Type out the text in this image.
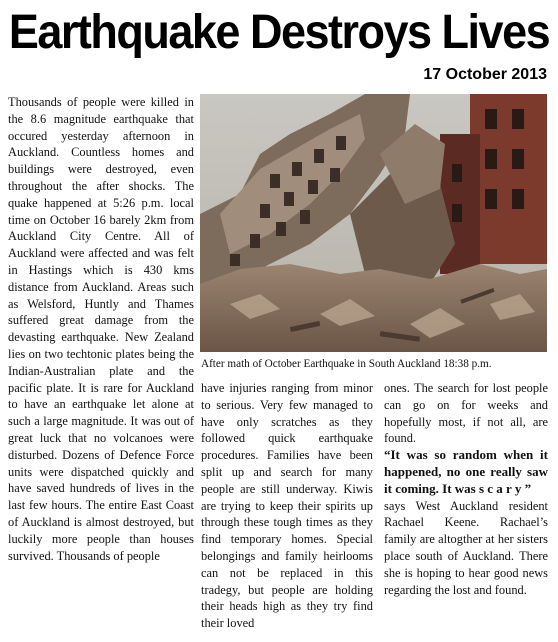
Earthquake Destroys Lives
17 October 2013

Thousands of people were killed in the 8.6 magnitude earthquake that occured yesterday afternoon in Auckland. Countless homes and buildings were destroyed, even throughout the after shocks. The quake happened at 5:26 p.m. local time on October 16 barely 2km from Auckland City Centre. All of Auckland were affected and was felt in Hastings which is 430 kms distance from Auckland. Areas such as Welsford, Huntly and Thames suffered great damage from the devasting earthquake. New Zealand lies on two techtonic plates being the Indian-Australian plate and the pacific plate. It is rare for Auckland to have an earthquake let alone at such a large magnitude. It was out of great luck that no volcanoes were disturbed. Dozens of Defence Force units were dispatched quickly and have saved hundreds of lives in the last few hours. The entire East Coast of Auckland is almost destroyed, but luckily more people than houses survived. Thousands of people

After math of October Earthquake in South Auckland 18:38 p.m.

have injuries ranging from minor to serious. Very few managed to have only scratches as they followed quick earthquake procedures. Families have been split up and search for many people are still underway. Kiwis are trying to keep their spirits up through these tough times as they find temporary homes. Special belongings and family heirlooms can not be replaced in this tradegy, but people are holding their heads high as they try find their loved

ones. The search for lost people can go on for weeks and hopefully most, if not all, are found.

“It was so random when it happened, no one really saw it coming. It was s c a r y ”

says West Auckland resident Rachael Keene. Rachael’s family are altogther at her sisters place south of Auckland. There she is hoping to hear good news regarding the lost and found.
